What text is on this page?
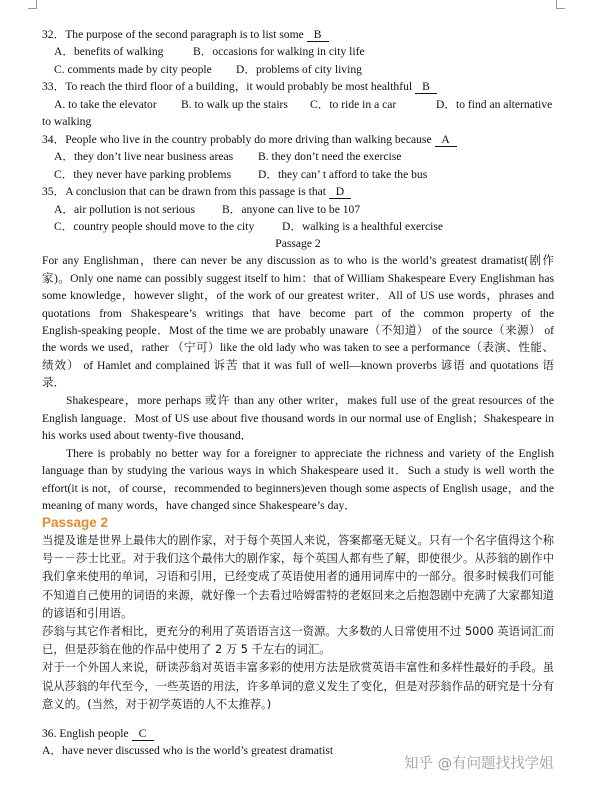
32．The purpose of the second paragraph is to list some B
A．benefits of walking	B．occasions for walking in city life
C. comments made by city people D．problems of city living
33．To reach the third floor of a building，it would probably be most healthful B
A. to take the elevator B. to walk up the stairs C．to ride in a car	D．to find an alternative
to walking
34．People who live in the country probably do more driving than walking because A
A．they don’t live near business areas B. they don’t need the exercise
C．they never have parking problems D．they can’ t afford to take the bus
35．A conclusion that can be drawn from this passage is that D
A．air pollution is not serious B．anyone can live to be 107
C．country people should move to the city D．walking is a healthful exercise
Passage 2
For any Englishman，there can never be any discussion as to who is the world’s greatest dramatist(剧作
家)。Only one name can possibly suggest itself to him：that of William Shakespeare Every Englishman has
some knowledge，however slight，of the work of our greatest writer．All of US use words，phrases and
quotations from Shakespeare’s writings that have become part of the common property of the
English-speaking people．Most of the time we are probably unaware（不知道） of the source（来源） of
the words we used，rather （宁可）like the old lady who was taken to see a performance（表演、性能、
绩效） of Hamlet and complained 诉苦 that it was full of well—known proverbs 谚语 and quotations 语
录．
Shakespeare，more perhaps 或许 than any other writer，makes full use of the great resources of the
English language．Most of US use about five thousand words in our normal use of English；Shakespeare in
his works used about twenty-five thousand．
There is probably no better way for a foreigner to appreciate the richness and variety of the English
language than by studying the various ways in which Shakespeare used it．Such a study is well worth the
effort(it is not，of course，recommended to beginners)even though some aspects of English usage，and the
meaning of many words，have changed since Shakespeare’s day．
Passage 2

当提及谁是世界上最伟大的剧作家，对于每个英国人来说，答案都毫无疑义。只有一个名字值得这个称号－－莎士比亚。对于我们这个最伟大的剧作家，每个英国人都有些了解，即使很少。从莎翁的剧作中我们拿来使用的单词，习语和引用，已经变成了英语使用者的通用词库中的一部分。很多时候我们可能不知道自己使用的词语的来源，就好像一个去看过哈姆雷特的老妪回来之后抱怨剧中充满了大家都知道的谚语和引用语。

莎翁与其它作者相比，更充分的利用了英语语言这一资源。大多数的人日常使用不过 5000 英语词汇而已，但是莎翁在他的作品中使用了 2 万 5 千左右的词汇。

对于一个外国人来说，研读莎翁对英语丰富多彩的使用方法是欣赏英语丰富性和多样性最好的手段。虽说从莎翁的年代至今，一些英语的用法，许多单词的意义发生了变化，但是对莎翁作品的研究是十分有意义的。(当然，对于初学英语的人不太推荐。)

36. English people C
A．have never discussed who is the world’s greatest dramatist
知乎 @有问题找找学姐
